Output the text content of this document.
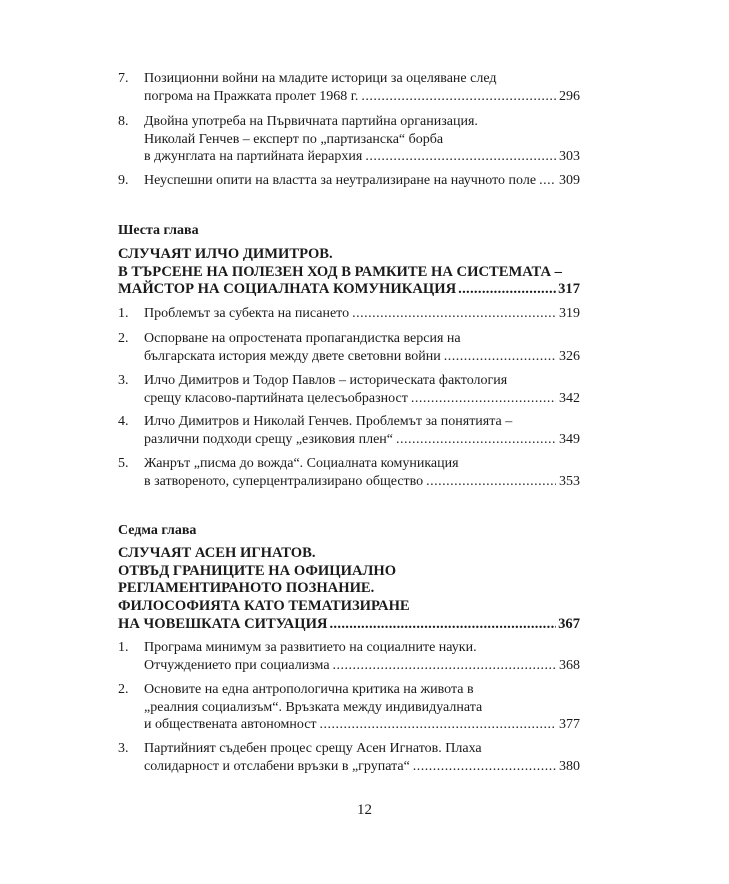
7.	Позиционни войни на младите историци за оцеляване след
погрома на Пражката пролет 1968 г. .....	296
8.	Двойна употреба на Първичната партийна организация.
Николай Генчев – експерт по „партизанска“ борба
в джунглата на партийната йерархия .....	303
9.	Неуспешни опити на властта за неутрализиране на научното поле ..... 309
Шеста глава
СЛУЧАЯТ ИЛЧО ДИМИТРОВ.
В ТЪРСЕНЕ НА ПОЛЕЗЕН ХОД В РАМКИТЕ НА СИСТЕМАТА –
МАЙСТОР НА СОЦИАЛНАТА КОМУНИКАЦИЯ .....	317
1.	Проблемът за субекта на писането .....	319
2.	Оспорване на опростената пропагандистка версия на
българската история между двете световни войни .....	326
3.	Илчо Димитров и Тодор Павлов – историческата фактология
срещу класово-партийната целесъобразност .....	342
4.	Илчо Димитров и Николай Генчев. Проблемът за понятията –
различни подходи срещу „езиковия плен“ .....	349
5.	Жанрът „писма до вожда“. Социалната комуникация
в затвореното, суперцентрализирано общество .....	353
Седма глава
СЛУЧАЯТ АСЕН ИГНАТОВ.
ОТВЪД ГРАНИЦИТЕ НА ОФИЦИАЛНО
РЕГЛАМЕНТИРАНОТО ПОЗНАНИЕ.
ФИЛОСОФИЯТА КАТО ТЕМАТИЗИРАНЕ
НА ЧОВЕШКАТА СИТУАЦИЯ .....	367
1.	Програма минимум за развитието на социалните науки.
Отчуждението при социализма .....	368
2.	Основите на една антропологична критика на живота в
„реалния социализъм“. Връзката между индивидуалната
и обществената автономност .....	377
3.	Партийният съдебен процес срещу Асен Игнатов. Плаха
солидарност и отслабени връзки в „групата“ .....	380
12
